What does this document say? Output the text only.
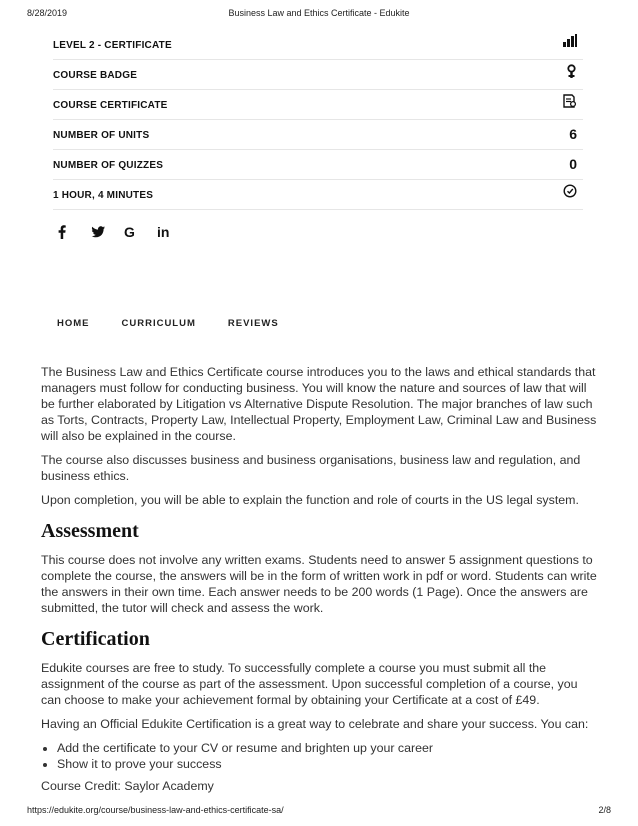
8/28/2019	Business Law and Ethics Certificate - Edukite
LEVEL 2 - CERTIFICATE
COURSE BADGE
COURSE CERTIFICATE
NUMBER OF UNITS	6
NUMBER OF QUIZZES	0
1 HOUR, 4 MINUTES
G	in
HOME	CURRICULUM	REVIEWS

The Business Law and Ethics Certificate course introduces you to the laws and ethical standards that managers must follow for conducting business. You will know the nature and sources of law that will be further elaborated by Litigation vs Alternative Dispute Resolution. The major branches of law such as Torts, Contracts, Property Law, Intellectual Property, Employment Law, Criminal Law and Business will also be explained in the course.

The course also discusses business and business organisations, business law and regulation, and business ethics.

Upon completion, you will be able to explain the function and role of courts in the US legal system.

Assessment

This course does not involve any written exams. Students need to answer 5 assignment questions to complete the course, the answers will be in the form of written work in pdf or word. Students can write the answers in their own time. Each answer needs to be 200 words (1 Page). Once the answers are submitted, the tutor will check and assess the work.

Certification

Edukite courses are free to study. To successfully complete a course you must submit all the assignment of the course as part of the assessment. Upon successful completion of a course, you can choose to make your achievement formal by obtaining your Certificate at a cost of £49.

Having an Official Edukite Certification is a great way to celebrate and share your success. You can:

• Add the certificate to your CV or resume and brighten up your career
• Show it to prove your success
Course Credit: Saylor Academy
https://edukite.org/course/business-law-and-ethics-certificate-sa/	2/8
